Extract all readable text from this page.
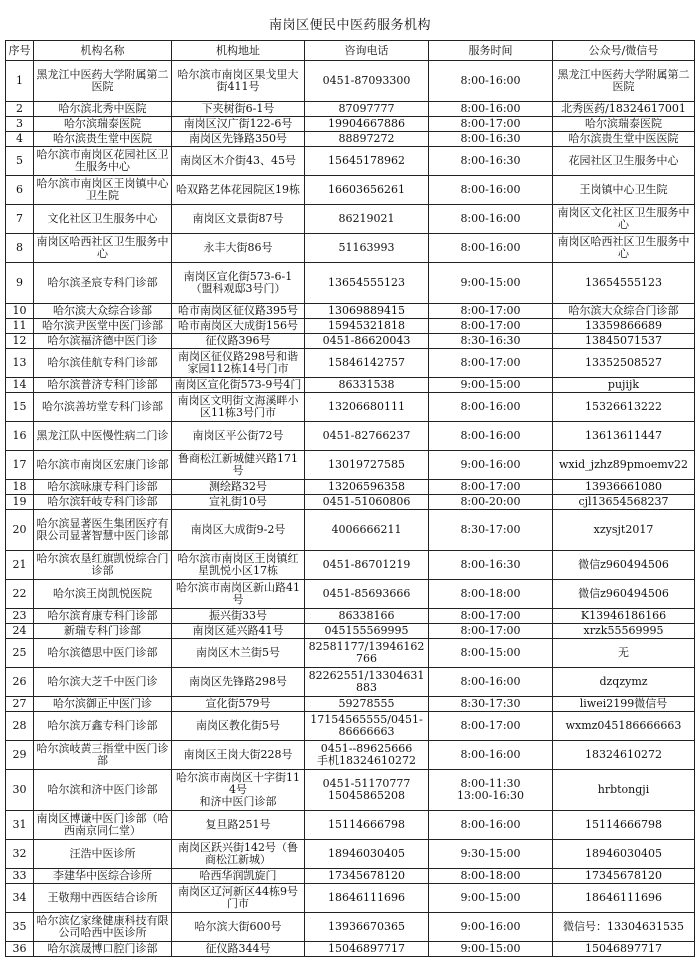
南岗区便民中医药服务机构
序号	机构名称	机构地址	咨询电话	服务时间	公众号/微信号
1	黑龙江中医药大学附属第二医院	哈尔滨市南岗区果戈里大街411号	0451-87093300	8:00-16:00	黑龙江中医药大学附属第二医院
2	哈尔滨北秀中医院	下夹树街6-1号	87097777	8:00-16:00	北秀医药/18324617001
3	哈尔滨瑞泰医院	南岗区汉广街122-6号	19904667886	8:00-17:00	哈尔滨瑞泰医院
4	哈尔滨贵生堂中医院	南岗区先锋路350号	88897272	8:00-16:30	哈尔滨贵生堂中医医院
5	哈尔滨市南岗区花园社区卫生服务中心	南岗区木介街43、45号	15645178962	8:00-16:30	花园社区卫生服务中心
6	哈尔滨市南岗区王岗镇中心卫生院	哈双路艺体花园院区19栋	16603656261	8:00-16:00	王岗镇中心卫生院
7	文化社区卫生服务中心	南岗区文景街87号	86219021	8:00-16:00	南岗区文化社区卫生服务中心
8	南岗区哈西社区卫生服务中心	永丰大街86号	51163993	8:00-16:00	南岗区哈西社区卫生服务中心
9	哈尔滨圣宸专科门诊部	南岗区宣化街573-6-1
（盟科观邸3号门）	13654555123	9:00-15:00	13654555123
10	哈尔滨大众综合诊部	哈市南岗区征仪路395号	13069889415	8:00-17:00	哈尔滨大众综合门诊部
11	哈尔滨尹医堂中医门诊部	哈市南岗区大成街156号	15945321818	8:00-17:00	13359866689
12	哈尔滨福济德中医门诊	征仪路396号	0451-86620043	8:30-16:30	13845071537
13	哈尔滨佳航专科门诊部	南岗区征仪路298号和谐家园112栋14号门市	15846142757	8:00-17:00	13352508527
14	哈尔滨普济专科门诊部	南岗区宣化街573-9号4门	86331538	9:00-15:00	pujijk
15	哈尔滨善坊堂专科门诊部	南岗区文明街文海溪畔小区11栋3号门市	13206680111	8:00-16:00	15326613222
16	黑龙江队中医慢性病二门诊	南岗区平公街72号	0451-82766237	8:00-16:00	13613611447
17	哈尔滨市南岗区宏康门诊部	鲁商松江新城健兴路171号	13019727585	9:00-16:00	wxid_jzhz89pmoemv22
18	哈尔滨咏康专科门诊部	测绘路32号	13206596358	8:00-17:00	13936661080
19	哈尔滨轩岐专科门诊部	宣礼街10号	0451-51060806	8:00-20:00	cjl13654568237
20	哈尔滨显著医生集团医疗有限公司显著智慧中医门诊部	南岗区大成街9-2号	4006666211	8:30-17:00	xzysjt2017
21	哈尔滨农垦红旗凯悦综合门诊部	哈尔滨市南岗区王岗镇红星凯悦小区17栋	0451-86701219	8:00-16:30	微信z960494506
22	哈尔滨王岗凯悦医院	哈尔滨市南岗区新山路41号	0451-85693666	8:00-18:00	微信z960494506
23	哈尔滨育康专科门诊部	振兴街33号	86338166	8:00-17:00	K13946186166
24	新瑞专科门诊部	南岗区延兴路41号	045155569995	8:00-17:00	xrzk55569995
25	哈尔滨德思中医门诊部	南岗区木兰街5号	82581177/13946162766	8:00-15:00	无
26	哈尔滨大芝千中医门诊	南岗区先锋路298号	82262551/13304631883	8:00-16:00	dzqzymz
27	哈尔滨御正中医门诊	宣化街579号	59278555	8:30-17:30	liwei2199微信号
28	哈尔滨万鑫专科门诊部	南岗区教化街5号	17154565555/0451-86666663	8:00-17:00	wxmz045186666663
29	哈尔滨岐黄三指堂中医门诊部	南岗区王岗大街228号	0451--89625666
手机18324610272	8:00-16:00	18324610272
30	哈尔滨和济中医门诊部	哈尔滨市南岗区十字街114号
和济中医门诊部	0451-51170777
15045865208	8:00-11:30
13:00-16:30	hrbtongji
31	南岗区博谦中医门诊部（哈西南京同仁堂）	复旦路251号	15114666798	8:00-16:00	15114666798
32	汪浩中医诊所	南岗区跃兴街142号（鲁商松江新城）	18946030405	9:30-15:00	18946030405
33	李建华中医综合诊所	哈西华润凯旋门	17345678120	8:00-18:00	17345678120
34	王敬翔中西医结合诊所	南岗区辽河新区44栋9号门市	18646111696	9:00-15:00	18646111696
35	哈尔滨亿家缘健康科技有限公司哈西中医诊所	哈尔滨大街600号	13936670365	9:00-16:00	微信号：13304631535
36	哈尔滨晟博口腔门诊部	征仪路344号	15046897717	9:00-15:00	15046897717
